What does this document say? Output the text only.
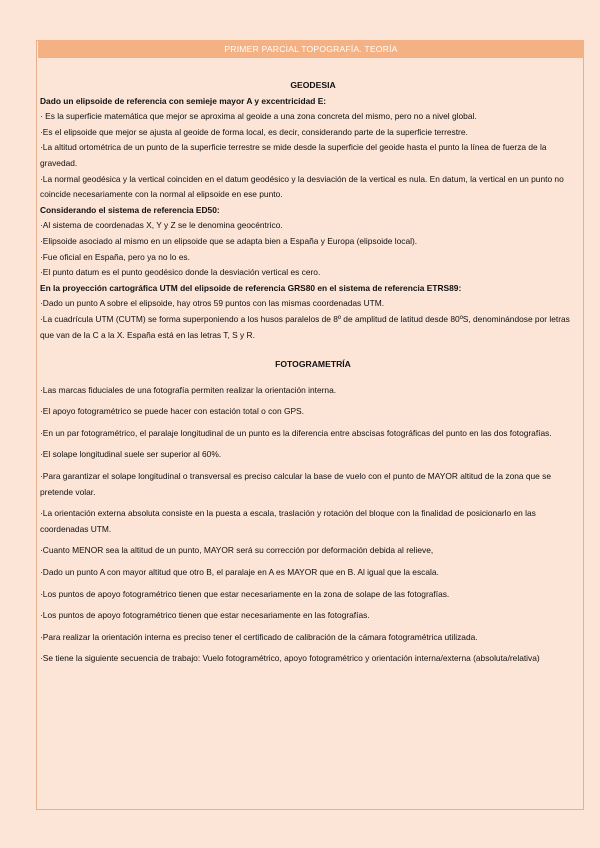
PRIMER PARCIAL TOPOGRAFÍA. TEORÍA

GEODESIA

Dado un elipsoide de referencia con semieje mayor A y excentricidad E:

· Es la superficie matemática que mejor se aproxima al geoide a una zona concreta del mismo, pero no a nivel global.

·Es el elipsoide que mejor se ajusta al geoide de forma local, es decir, considerando parte de la superficie terrestre.

·La altitud ortométrica de un punto de la superficie terrestre se mide desde la superficie del geoide hasta el punto la línea de fuerza de la gravedad.

·La normal geodésica y la vertical coinciden en el datum geodésico y la desviación de la vertical es nula. En datum, la vertical en un punto no coincide necesariamente con la normal al elipsoide en ese punto.

Considerando el sistema de referencia ED50:

·Al sistema de coordenadas X, Y y Z se le denomina geocéntrico.

·Elipsoide asociado al mismo en un elipsoide que se adapta bien a España y Europa (elipsoide local).

·Fue oficial en España, pero ya no lo es.

·El punto datum es el punto geodésico donde la desviación vertical es cero.

En la proyección cartográfica UTM del elipsoide de referencia GRS80 en el sistema de referencia ETRS89:

·Dado un punto A sobre el elipsoide, hay otros 59 puntos con las mismas coordenadas UTM.

·La cuadrícula UTM (CUTM) se forma superponiendo a los husos paralelos de 8º de amplitud de latitud desde 80ºS, denominándose por letras que van de la C a la X. España está en las letras T, S y R.

FOTOGRAMETRÍA

·Las marcas fiduciales de una fotografía permiten realizar la orientación interna.

·El apoyo fotogramétrico se puede hacer con estación total o con GPS.

·En un par fotogramétrico, el paralaje longitudinal de un punto es la diferencia entre abscisas fotográficas del punto en las dos fotografías.

·El solape longitudinal suele ser superior al 60%.

·Para garantizar el solape longitudinal o transversal es preciso calcular la base de vuelo con el punto de MAYOR altitud de la zona que se pretende volar.

·La orientación externa absoluta consiste en la puesta a escala, traslación y rotación del bloque con la finalidad de posicionarlo en las coordenadas UTM.

·Cuanto MENOR sea la altitud de un punto, MAYOR será su corrección por deformación debida al relieve,

·Dado un punto A con mayor altitud que otro B, el paralaje en A es MAYOR que en B. Al igual que la escala.

·Los puntos de apoyo fotogramétrico tienen que estar necesariamente en la zona de solape de las fotografías.

·Los puntos de apoyo fotogramétrico tienen que estar necesariamente en las fotografías.

·Para realizar la orientación interna es preciso tener el certificado de calibración de la cámara fotogramétrica utilizada.

·Se tiene la siguiente secuencia de trabajo: Vuelo fotogramétrico, apoyo fotogramétrico y orientación interna/externa (absoluta/relativa)
